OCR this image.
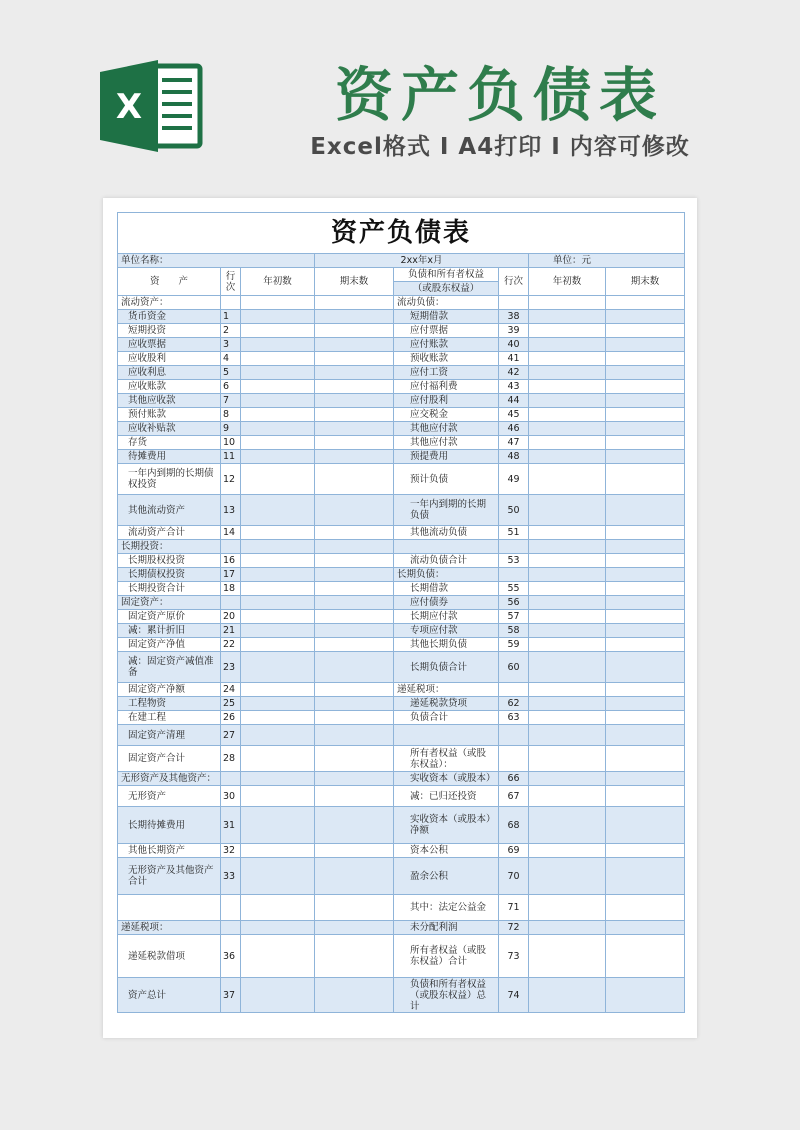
X	资产负债表
Excel格式 Ⅰ A4打印 Ⅰ 内容可修改
资产负债表							
单位名称：			2xx年x月			单位：元	
资　　产	行次	年初数	期末数	负债和所有者权益	行次	年初数	期末数
				（或股东权益）			
流动资产：				流动负债：			
货币资金	1			短期借款	38		
短期投资	2			应付票据	39		
应收票据	3			应付账款	40		
应收股利	4			预收账款	41		
应收利息	5			应付工资	42		
应收账款	6			应付福利费	43		
其他应收款	7			应付股利	44		
预付账款	8			应交税金	45		
应收补贴款	9			其他应付款	46		
存货	10			其他应付款	47		
待摊费用	11			预提费用	48		
一年内到期的长期债权投资	12			预计负债	49		
其他流动资产	13			一年内到期的长期负债	50		
流动资产合计	14			其他流动负债	51		
长期投资：							
长期股权投资	16			流动负债合计	53		
长期债权投资	17			长期负债：			
长期投资合计	18			长期借款	55		
固定资产：				应付债券	56		
固定资产原价	20			长期应付款	57		
减：累计折旧	21			专项应付款	58		
固定资产净值	22			其他长期负债	59		
减：固定资产减值准备	23			长期负债合计	60		
固定资产净额	24			递延税项：			
工程物资	25			递延税款贷项	62		
在建工程	26			负债合计	63		
固定资产清理	27						
固定资产合计	28			所有者权益（或股东权益）：			
无形资产及其他资产：				实收资本（或股本）	66		
无形资产	30			减：已归还投资	67		
长期待摊费用	31			实收资本（或股本）净额	68		
其他长期资产	32			资本公积	69		
无形资产及其他资产合计	33			盈余公积	70		
				其中：法定公益金	71		
递延税项：				未分配利润	72		
递延税款借项	36			所有者权益（或股东权益）合计	73		
资产总计	37			负债和所有者权益（或股东权益）总计	74		
